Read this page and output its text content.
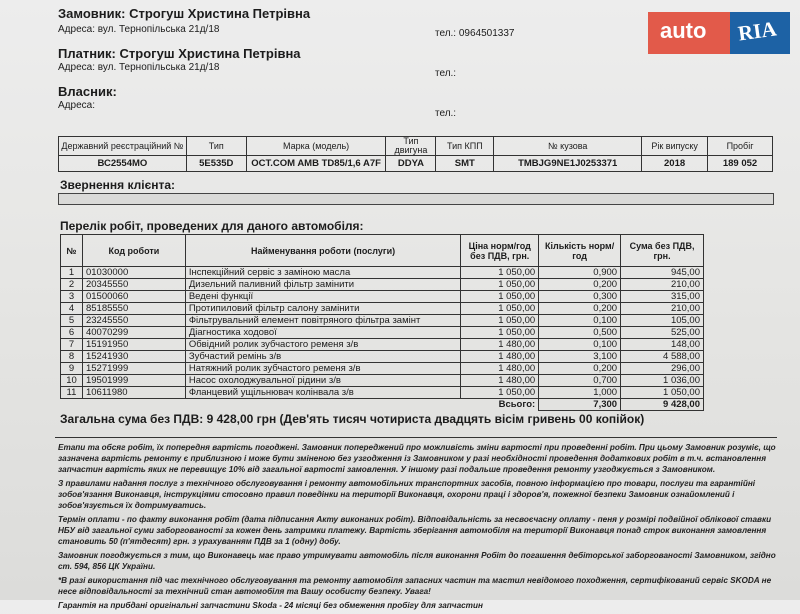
Замовник: Строгуш Христина Петрівна
Адреса: вул. Тернопільська 21д/18	тел.: 0964501337
Платник: Строгуш Христина Петрівна
Адреса: вул. Тернопільська 21д/18
тел.:
Власник:
Адреса:
тел.:
auto	RIA
Державний реєстраційний №	Тип	Марка (модель)	Тип двигуна	Тип КПП	№ кузова	Рік випуску	Пробіг
ВС2554МО	5Е535D	OCT.COM AMB TD85/1,6 A7F	DDYA	SMT	TMBJG9NE1J0253371	2018	189 052
Звернення клієнта:
Перелік робіт, проведених для даного автомобіля:
№	Код роботи	Найменування роботи (послуги)	Ціна норм/год без ПДВ, грн.	Кількість норм/год	Сума без ПДВ, грн.
1	01030000	Інспекційний сервіс з заміною масла	1 050,00	0,900	945,00
2	20345550	Дизельний паливний фільтр замінити	1 050,00	0,200	210,00
3	01500060	Ведені функції	1 050,00	0,300	315,00
4	85185550	Протипиловий фільтр салону замінити	1 050,00	0,200	210,00
5	23245550	Фільтрувальний елемент повітряного фільтра замінт	1 050,00	0,100	105,00
6	40070299	Діагностика ходової	1 050,00	0,500	525,00
7	15191950	Обвідний ролик зубчастого ременя з/в	1 480,00	0,100	148,00
8	15241930	Зубчастий ремінь з/в	1 480,00	3,100	4 588,00
9	15271999	Натяжний ролик зубчастого ременя з/в	1 480,00	0,200	296,00
10	19501999	Насос охолоджувальної рідини з/в	1 480,00	0,700	1 036,00
11	10611980	Фланцевий ущільнювач колінвала з/в	1 050,00	1,000	1 050,00
Всього:				7,300	9 428,00
Загальна сума без ПДВ: 9 428,00 грн (Дев'ять тисяч чотириста двадцять вісім гривень 00 копійок)

Етапи та обсяг робіт, їх попередня вартість погоджені. Замовник попереджений про можливість зміни вартості при проведенні робіт. При цьому Замовник розуміє, що зазначена вартість ремонту є приблизною і може бути зміненою без узгодження із Замовником у разі необхідності проведення додаткових робіт в т.ч. встановлення запчастин вартість яких не перевищує 10% від загальної вартості замовлення. У іншому разі подальше проведення ремонту узгоджується з Замовником.

З правилами надання послуг з технічного обслуговування і ремонту автомобільних транспортних засобів, повною інформацією про товари, послуги та гарантійні зобов'язання Виконавця, інструкціями стосовно правил поведінки на території Виконавця, охорони праці і здоров'я, пожежної безпеки Замовник ознайомлений і зобов'язується їх дотримуватись.

Термін оплати - по факту виконання робіт (дата підписання Акту виконаних робіт). Відповідальність за несвоєчасну оплату - пеня у розмірі подвійної облікової ставки НБУ від загальної суми заборгованості за кожен день затримки платежу. Вартість зберігання автомобіля на території Виконавця понад строк виконання замовлення становить 50 (п'ятдесят) грн. з урахуванням ПДВ за 1 (одну) добу.

Замовник погоджується з тим, що Виконавець має право утримувати автомобіль після виконання Робіт до погашення дебіторської заборгованості Замовником, згідно ст. 594, 856 ЦК України.

*В разі використання під час технічного обслуговування та ремонту автомобіля запасних частин та мастил невідомого походження, сертифікований сервіс SKODA не несе відповідальності за технічний стан автомобіля та Вашу особисту безпеку. Увага!

Гарантія на прибдані оригінальні запчастини Skoda - 24 місяці без обмеження пробігу для запчастин
